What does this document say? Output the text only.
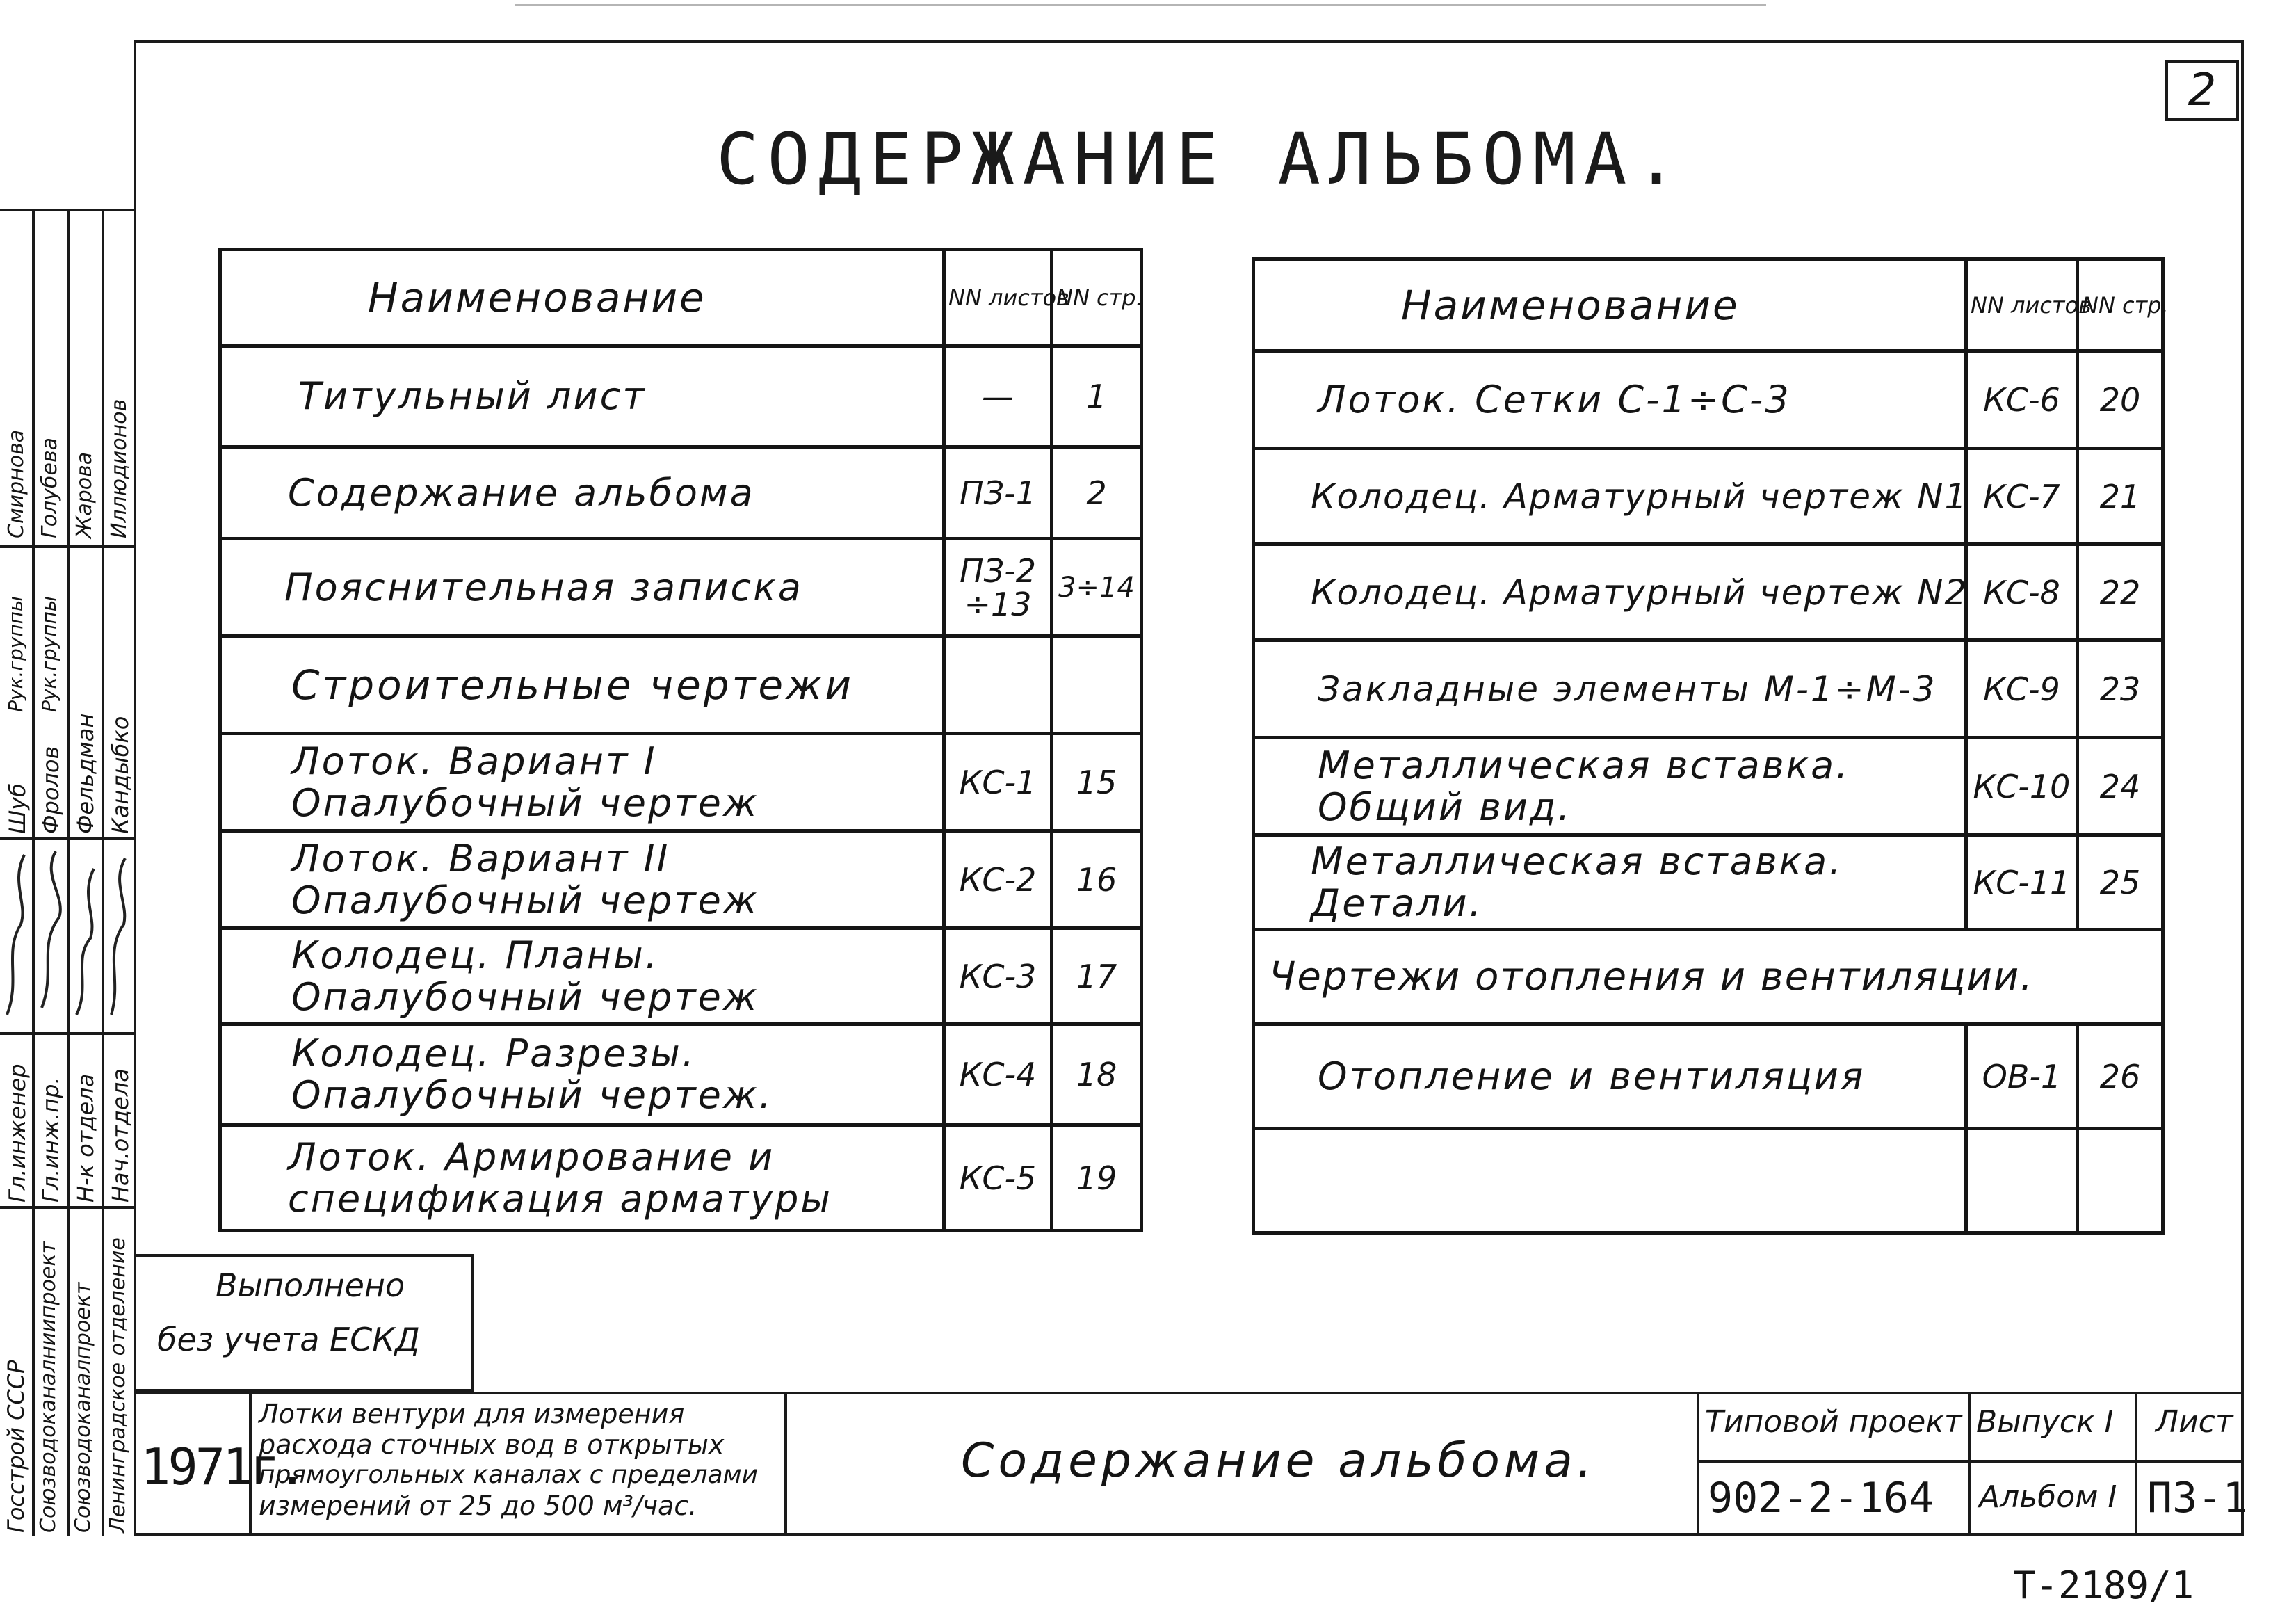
2
СОДЕРЖАНИЕ АЛЬБОМА.
Наименование	NN листов	NN стр.
Титульный лист	—	1
Содержание альбома	ПЗ-1	2
Пояснительная записка	ПЗ-2 ÷13	3÷14
Строительные чертежи		

Лоток. Вариант I
Опалубочный чертеж	КС-1	15

Лоток. Вариант II
Опалубочный чертеж	КС-2	16

Колодец. Планы.
Опалубочный чертеж	КС-3	17

Колодец. Разрезы.
Опалубочный чертеж.	КС-4	18

Лоток. Армирование и
спецификация арматуры	КС-5	19
Наименование	NN листов	NN стр.
Лоток. Сетки С-1÷С-3	КС-6	20
Колодец. Арматурный чертеж N1	КС-7	21
Колодец. Арматурный чертеж N2	КС-8	22
Закладные элементы М-1÷М-3	КС-9	23

Металлическая вставка.
Общий вид.	КС-10	24

Металлическая вставка.
Детали.	КС-11	25
Чертежи отопления и вентиляции.		
Отопление и вентиляция	ОВ-1	26

Выполнено
без учета ЕСКД
1971г.
Лотки вентури для измерения
расхода сточных вод в открытых
прямоугольных каналах с пределами
измерений от 25 до 500 м³/час.
Содержание альбома.
Типовой проект
902-2-164
Выпуск I
Альбом I
Лист
ПЗ-1
Госстрой СССР Союзводоканалниипроект Союзводоканалпроект Ленинградское отделение
Гл.инженер Гл.инж.пр. Н-к отдела Нач.отдела
Шуб Фролов Фельдман Кандыбко
Рук.группы Рук.группы
Смирнова Голубева Жарова Иллюдионов
Т-2189/1
